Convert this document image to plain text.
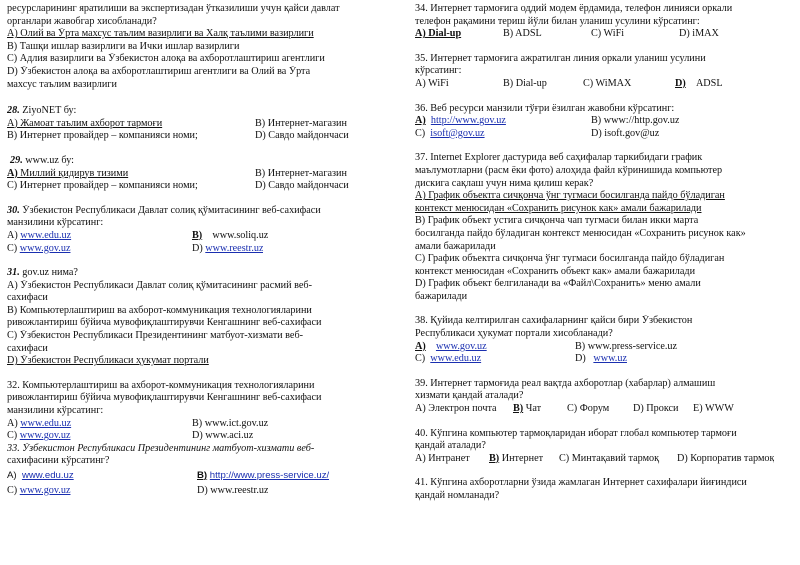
ресурсларининг яратилиши ва экспертизадан ўтказилиши учун қайси давлат
органлари жавобгар хисобланади?
A) Олий ва Ўрта махсус таълим вазирлиги ва Халқ таълими вазирлиги
B) Ташқи ишлар вазирлиги ва Ички ишлар вазирлиги
C) Адлия вазирлиги ва Ўзбекистон алоқа ва ахборотлаштириш агентлиги
D) Ўзбекистон алоқа ва ахборотлаштириш агентлиги ва Олий ва Ўрта
махсус таълим вазирлиги
28. ZiyoNET бу:
A) Жамоат таълим ахборот тармоғи	B) Интернет-магазин
B) Интернет провайдер – компанияси номи;	D) Савдо майдончаси
29. www.uz бу:
A) Миллий қидирув тизими	B) Интернет-магазин
C) Интернет провайдер – компанияси номи;	D) Савдо майдончаси
30. Ўзбекистон Республикаси Давлат солиқ қўмитасининг веб-сахифаси
манзилини кўрсатинг:
A) www.edu.uz	B) www.soliq.uz
C) www.gov.uz	D) www.reestr.uz
31. gov.uz нима?
A) Ўзбекистон Республикаси Давлат солиқ қўмитасининг расмий веб-
сахифаси
B) Компьютерлаштириш ва ахборот-коммуникация технологияларини
ривожлантириш бўйича мувофиқлаштирувчи Кенгашнинг веб-сахифаси
C) Ўзбекистон Республикаси Президентининг матбуот-хизмати веб-
сахифаси
D) Ўзбекистон Республикаси ҳукумат портали
32. Компьютерлаштириш ва ахборот-коммуникация технологияларини
ривожлантириш бўйича мувофиқлаштирувчи Кенгашнинг веб-сахифаси
манзилини кўрсатинг:
A) www.edu.uz	B) www.ict.gov.uz
C) www.gov.uz	D) www.aci.uz
33. Ўзбекистон Республикаси Президентининг матбуот-хизмати веб-
сахифасини кўрсатинг?
A) www.edu.uz	B) http://www.press-service.uz/
C) www.gov.uz	D) www.reestr.uz
34. Интернет тармоғига оддий модем ёрдамида, телефон линияси оркали
телефон рақамини териш йўли билан уланиш усулини кўрсатинг:
A) Dial-up	B) ADSL	C) WiFi	D) iMAX
35. Интернет тармоғига ажратилган линия оркали уланиш усулини
кўрсатинг:
A) WiFi	B) Dial-up	C) WiMAX	D) ADSL
36. Веб ресурси манзили тўғри ёзилган жавобни кўрсатинг:
A) http://www.gov.uz	B) www://http.gov.uz
C) isoft@gov.uz	D) isoft.gov@uz
37. Internet Explorer дастурида веб саҳифалар таркибидаги график
маълумотларни (расм ёки фото) алоҳида файл кўринишида компьютер
дискига сақлаш учун нима қилиш керак?
A) График объектга сичқонча ўнг тугмаси босилганда пайдо бўладиган
контекст менюсидан «Сохранить рисунок как» амали бажарилади
B) График объект устига сичқонча чап тугмаси билан икки марта
босилганда пайдо бўладиган контекст менюсидан «Сохранить рисунок как»
амали бажарилади
C) График объектга сичқонча ўнг тугмаси босилганда пайдо бўладиган
контекст менюсидан «Сохранить объект как» амали бажарилади
D) График объект белгиланади ва «Файл\Сохранить» меню амали
бажарилади
38. Қуйида келтирилган сахифаларнинг қайси бири Ўзбекистон
Республикаси ҳукумат портали хисобланади?
A) www.gov.uz	B) www.press-service.uz
C) www.edu.uz	D) www.uz
39. Интернет тармоғида реал вақтда ахборотлар (хабарлар) алмашиш
хизмати қандай аталади?
A) Электрон почта	B) Чат	C) Форум	D) Прокси	E) WWW
40. Кўпгина компьютер тармоқларидан иборат глобал компьютер тармоғи
қандай аталади?
A) Интранет	B) Интернет	C) Минтақавий тармоқ	D) Корпоратив тармоқ
41. Кўпгина ахборотларни ўзида жамлаган Интернет сахифалари йиғиндиси
қандай номланади?
